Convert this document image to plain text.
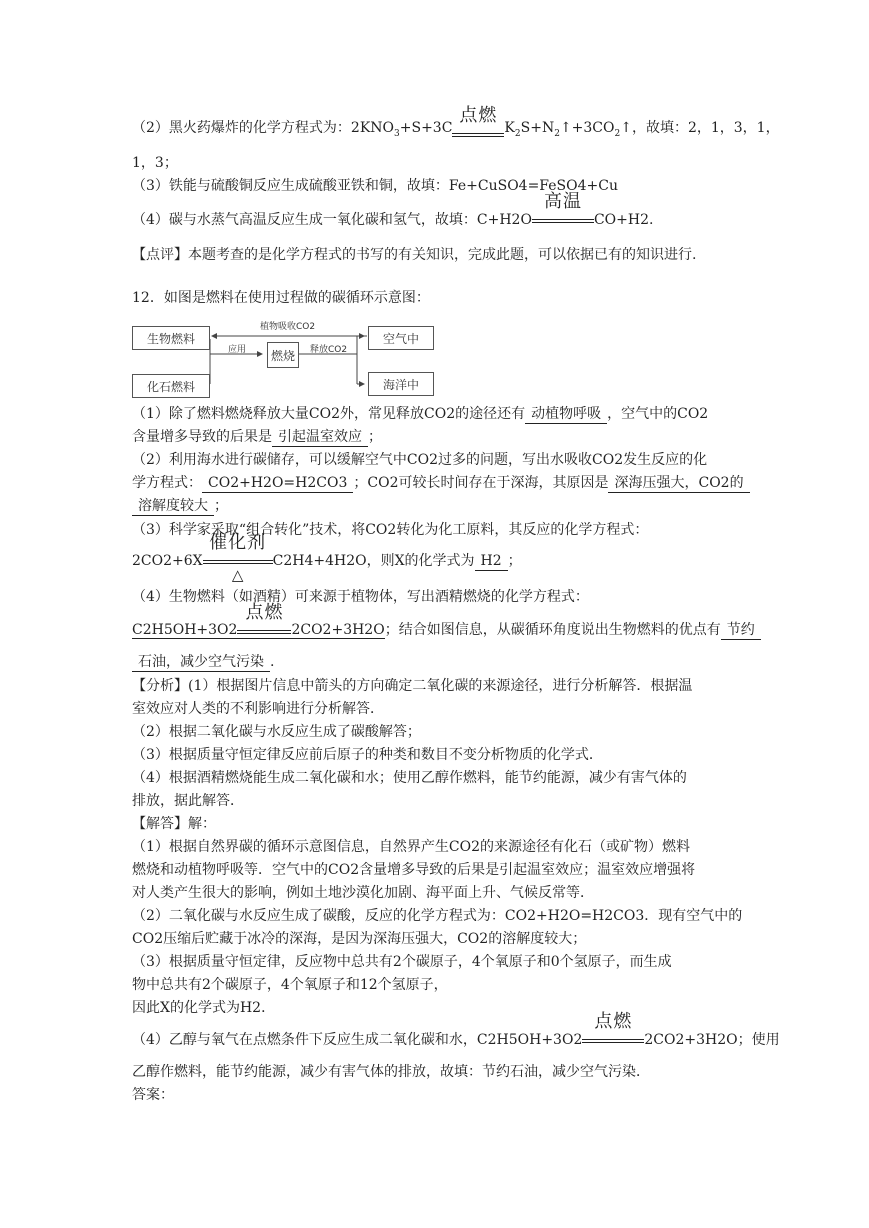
（2）黑火药爆炸的化学方程式为：$2KNO_3+S+3C$
点燃
$K_2S+N_2↑+3CO_2↑$，故填：2，1，3，1，
1，3；
（3）铁能与硫酸铜反应生成硫酸亚铁和铜，故填：Fe+CuSO4=FeSO4+Cu
（4）碳与水蒸气高温反应生成一氧化碳和氢气，故填：C+H2O
高温
CO+H2.
【点评】本题考查的是化学方程式的书写的有关知识，完成此题，可以依据已有的知识进行.
12．如图是燃料在使用过程做的碳循环示意图：
生物燃料
化石燃料
燃烧
空气中
海洋中
植物吸收CO2
应用	释放CO2
（1）除了燃料燃烧释放大量CO2外，常见释放CO2的途径还有 动植物呼吸 ，空气中的CO2
含量增多导致的后果是 引起温室效应 ；
（2）利用海水进行碳储存，可以缓解空气中CO2过多的问题，写出水吸收CO2发生反应的化
学方程式： CO2+H2O=H2CO3 ；CO2可较长时间存在于深海，其原因是 深海压强大，CO2的
溶解度较大 ；
（3）科学家采取“组合转化”技术，将CO2转化为化工原料，其反应的化学方程式：
2CO2+6X
催化剂
△
C2H4+4H2O，则X的化学式为 H2 ；
（4）生物燃料（如酒精）可来源于植物体，写出酒精燃烧的化学方程式：
C2H5OH+3O2
点燃
2CO2+3H2O；结合如图信息，从碳循环角度说出生物燃料的优点有 节约
石油，减少空气污染 .
【分析】(1）根据图片信息中箭头的方向确定二氧化碳的来源途径，进行分析解答．根据温
室效应对人类的不利影响进行分析解答．
（2）根据二氧化碳与水反应生成了碳酸解答；
（3）根据质量守恒定律反应前后原子的种类和数目不变分析物质的化学式．
（4）根据酒精燃烧能生成二氧化碳和水；使用乙醇作燃料，能节约能源，减少有害气体的
排放，据此解答．
【解答】解：
（1）根据自然界碳的循环示意图信息，自然界产生CO2的来源途径有化石（或矿物）燃料
燃烧和动植物呼吸等．空气中的CO2含量增多导致的后果是引起温室效应；温室效应增强将
对人类产生很大的影响，例如土地沙漠化加剧、海平面上升、气候反常等．
（2）二氧化碳与水反应生成了碳酸，反应的化学方程式为：CO2+H2O=H2CO3．现有空气中的
CO2压缩后贮藏于冰冷的深海，是因为深海压强大，CO2的溶解度较大；
（3）根据质量守恒定律，反应物中总共有2个碳原子，4个氧原子和0个氢原子，而生成
物中总共有2个碳原子，4个氧原子和12个氢原子，
因此X的化学式为H2．
（4）乙醇与氧气在点燃条件下反应生成二氧化碳和水，C2H5OH+3O2
点燃
2CO2+3H2O；使用
乙醇作燃料，能节约能源，减少有害气体的排放，故填：节约石油，减少空气污染．
答案：
